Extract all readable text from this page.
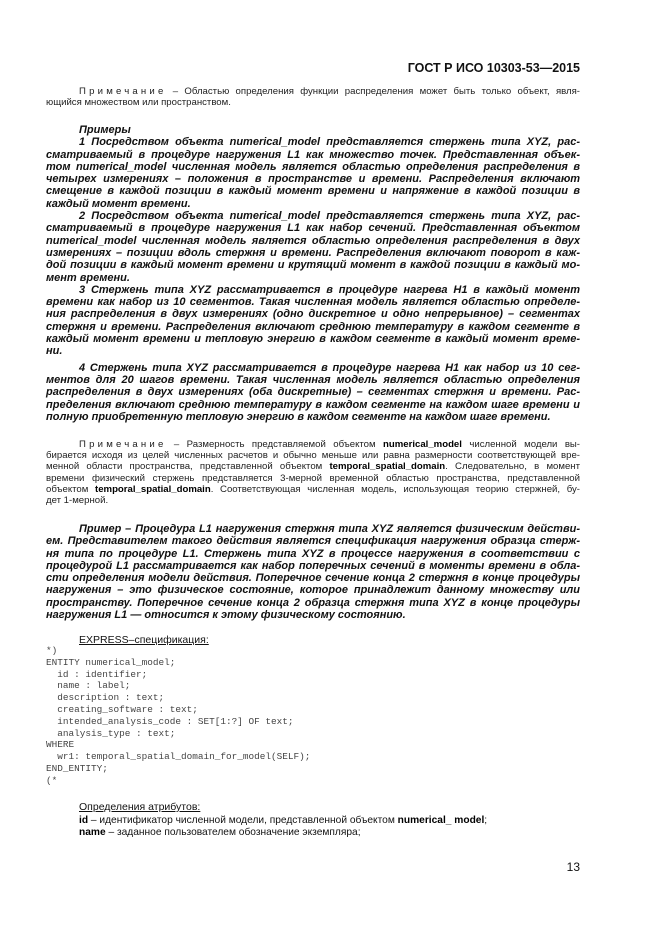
ГОСТ Р ИСО 10303-53—2015
Примечание – Областью определения функции распределения может быть только объект, явля-
ющийся множеством или пространством.
Примеры
1 Посредством объекта numerical_model представляется стержень типа XYZ, рас-
сматриваемый в процедуре нагружения L1 как множество точек. Представленная объек-
том numerical_model численная модель является областью определения распределения в
четырех измерениях – положения в пространстве и времени. Распределения включают
смещение в каждой позиции в каждый момент времени и напряжение в каждой позиции в
каждый момент времени.
2 Посредством объекта numerical_model представляется стержень типа XYZ, рас-
сматриваемый в процедуре нагружения L1 как набор сечений. Представленная объектом
numerical_model численная модель является областью определения распределения в двух
измерениях – позиции вдоль стержня и времени. Распределения включают поворот в каж-
дой позиции в каждый момент времени и крутящий момент в каждой позиции в каждый мо-
мент времени.
3 Стержень типа XYZ рассматривается в процедуре нагрева H1 в каждый момент
времени как набор из 10 сегментов. Такая численная модель является областью определе-
ния распределения в двух измерениях (одно дискретное и одно непрерывное) – сегментах
стержня и времени. Распределения включают среднюю температуру в каждом сегменте в
каждый момент времени и тепловую энергию в каждом сегменте в каждый момент време-
ни.
4 Стержень типа XYZ рассматривается в процедуре нагрева H1 как набор из 10 сег-
ментов для 20 шагов времени. Такая численная модель является областью определения
распределения в двух измерениях (оба дискретные) – сегментах стержня и времени. Рас-
пределения включают среднюю температуру в каждом сегменте на каждом шаге времени и
полную приобретенную тепловую энергию в каждом сегменте на каждом шаге времени.
Примечание – Размерность представляемой объектом numerical_model численной модели вы-
бирается исходя из целей численных расчетов и обычно меньше или равна размерности соответствующей вре-
менной области пространства, представленной объектом temporal_spatial_domain. Следовательно, в момент
времени физический стержень представляется 3-мерной временной областью пространства, представленной
объектом temporal_spatial_domain. Соответствующая численная модель, использующая теорию стержней, бу-
дет 1-мерной.
Пример – Процедура L1 нагружения стержня типа XYZ является физическим действи-
ем. Представителем такого действия является спецификация нагружения образца стерж-
ня типа по процедуре L1. Стержень типа XYZ в процессе нагружения в соответствии с
процедурой L1 рассматривается как набор поперечных сечений в моменты времени в обла-
сти определения модели действия. Поперечное сечение конца 2 стержня в конце процедуры
нагружения – это физическое состояние, которое принадлежит данному множеству или
пространству. Поперечное сечение конца 2 образца стержня типа XYZ в конце процедуры
нагружения L1 — относится к этому физическому состоянию.
EXPRESS–спецификация:
*)
ENTITY numerical_model;
id : identifier;
name : label;
description : text;
creating_software : text;
intended_analysis_code : SET[1:?] OF text;
analysis_type : text;
WHERE
wr1: temporal_spatial_domain_for_model(SELF);
END_ENTITY;
(*
Определения атрибутов:
id – идентификатор численной модели, представленной объектом numerical_ model;
name – заданное пользователем обозначение экземпляра;
13
